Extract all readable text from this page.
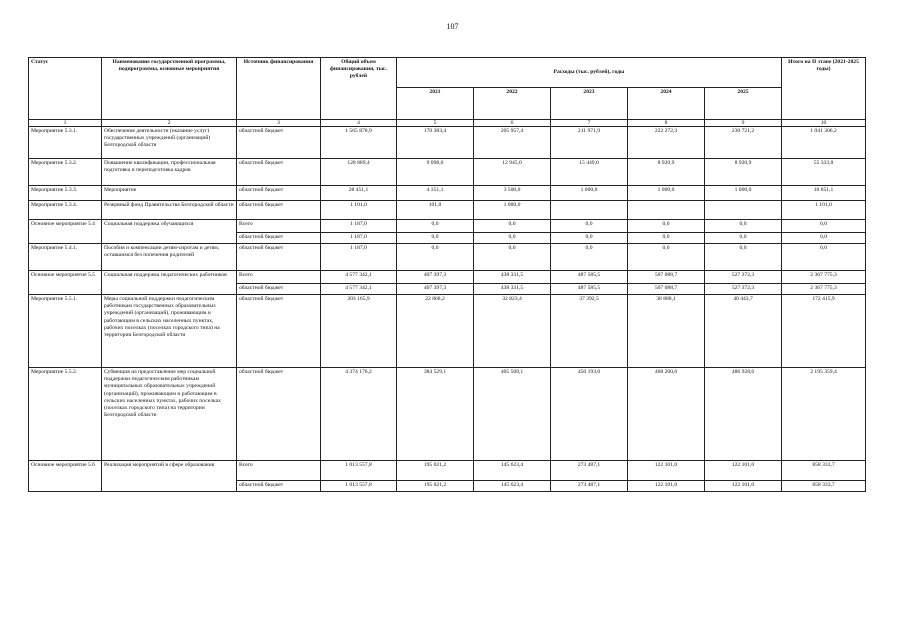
107
Статус	Наименование государственной программы, подпрограммы, основные мероприятия	Источник финансирования	Общий объем финансирования, тыс. рублей	Расходы (тыс. рублей), годы					Итого на II этапе (2021-2025 годы)
				2021	2022	2023	2024	2025	
1	2	3	4	5	6	7	8	9	10
Мероприятие 5.3.1.	Обеспечение деятельности (оказание услуг) государственных учреждений (организаций) Белгородской области	областной бюджет	1 565 878,9	170 383,4	205 957,4	211 971,9	222 272,3	230 721,2	1 041 306,2
Мероприятие 5.3.2.	Повышение квалификации, профессиональная подготовка и переподготовка кадров	областной бюджет	128 889,4	9 098,0	12 945,0	15 449,0	8 920,9	8 920,9	55 333,8
Мероприятие 5.3.3.	Мероприятие	областной бюджет	28 451,1	4 351,1	3 500,0	1 000,0	1 000,0	1 000,0	10 851,1
Мероприятие 5.3.4.	Резервный фонд Правительства Белгородской области	областной бюджет	1 101,0	101,0	1 000,0				1 101,0
Основное мероприятие 5.4	Социальная поддержка обучающихся	Всего	1 187,0	0,0	0,0	0,0	0,0	0,0	0,0
		областной бюджет	1 187,0	0,0	0,0	0,0	0,0	0,0	0,0
Мероприятие 5.4.1.	Пособия и компенсации детям-сиротам и детям, оставшимся без попечения родителей	областной бюджет	1 187,0	0,0	0,0	0,0	0,0	0,0	0,0
Основное мероприятие 5.5	Социальная поддержка педагогических работников	Всего	4 577 342,1	407 397,3	438 331,5	487 585,5	507 088,7	527 372,3	2 367 775,3
		областной бюджет	4 577 342,1	407 397,3	438 331,5	487 585,5	507 088,7	527 372,3	2 367 775,3
Мероприятие 5.5.1.	Меры социальной поддержки педагогическим работникам государственных образовательных учреждений (организаций), проживающим и работающим в сельских населенных пунктах, рабочих поселках (поселках городского типа) на территории Белгородской области	областной бюджет	203 165,9	22 868,2	32 823,4	37 392,5	38 888,1	40 443,7	172 415,9
Мероприятие 5.5.2.	Субвенция на предоставление мер социальной поддержки педагогическим работникам муниципальных образовательных учреждений (организаций), проживающим и работающим в сельских населенных пунктах, рабочих поселках (поселках городского типа) на территории Белгородской области	областной бюджет	4 374 176,2	384 529,1	405 508,1	450 193,0	468 200,6	486 928,6	2 195 359,4
Основное мероприятие 5.6	Реализация мероприятий в сфере образования	Всего	1 013 557,8	195 021,2	145 623,4	273 487,1	122 101,0	122 101,0	858 333,7
		областной бюджет	1 013 557,8	195 021,2	145 623,4	273 487,1	122 101,0	122 101,0	858 333,7
